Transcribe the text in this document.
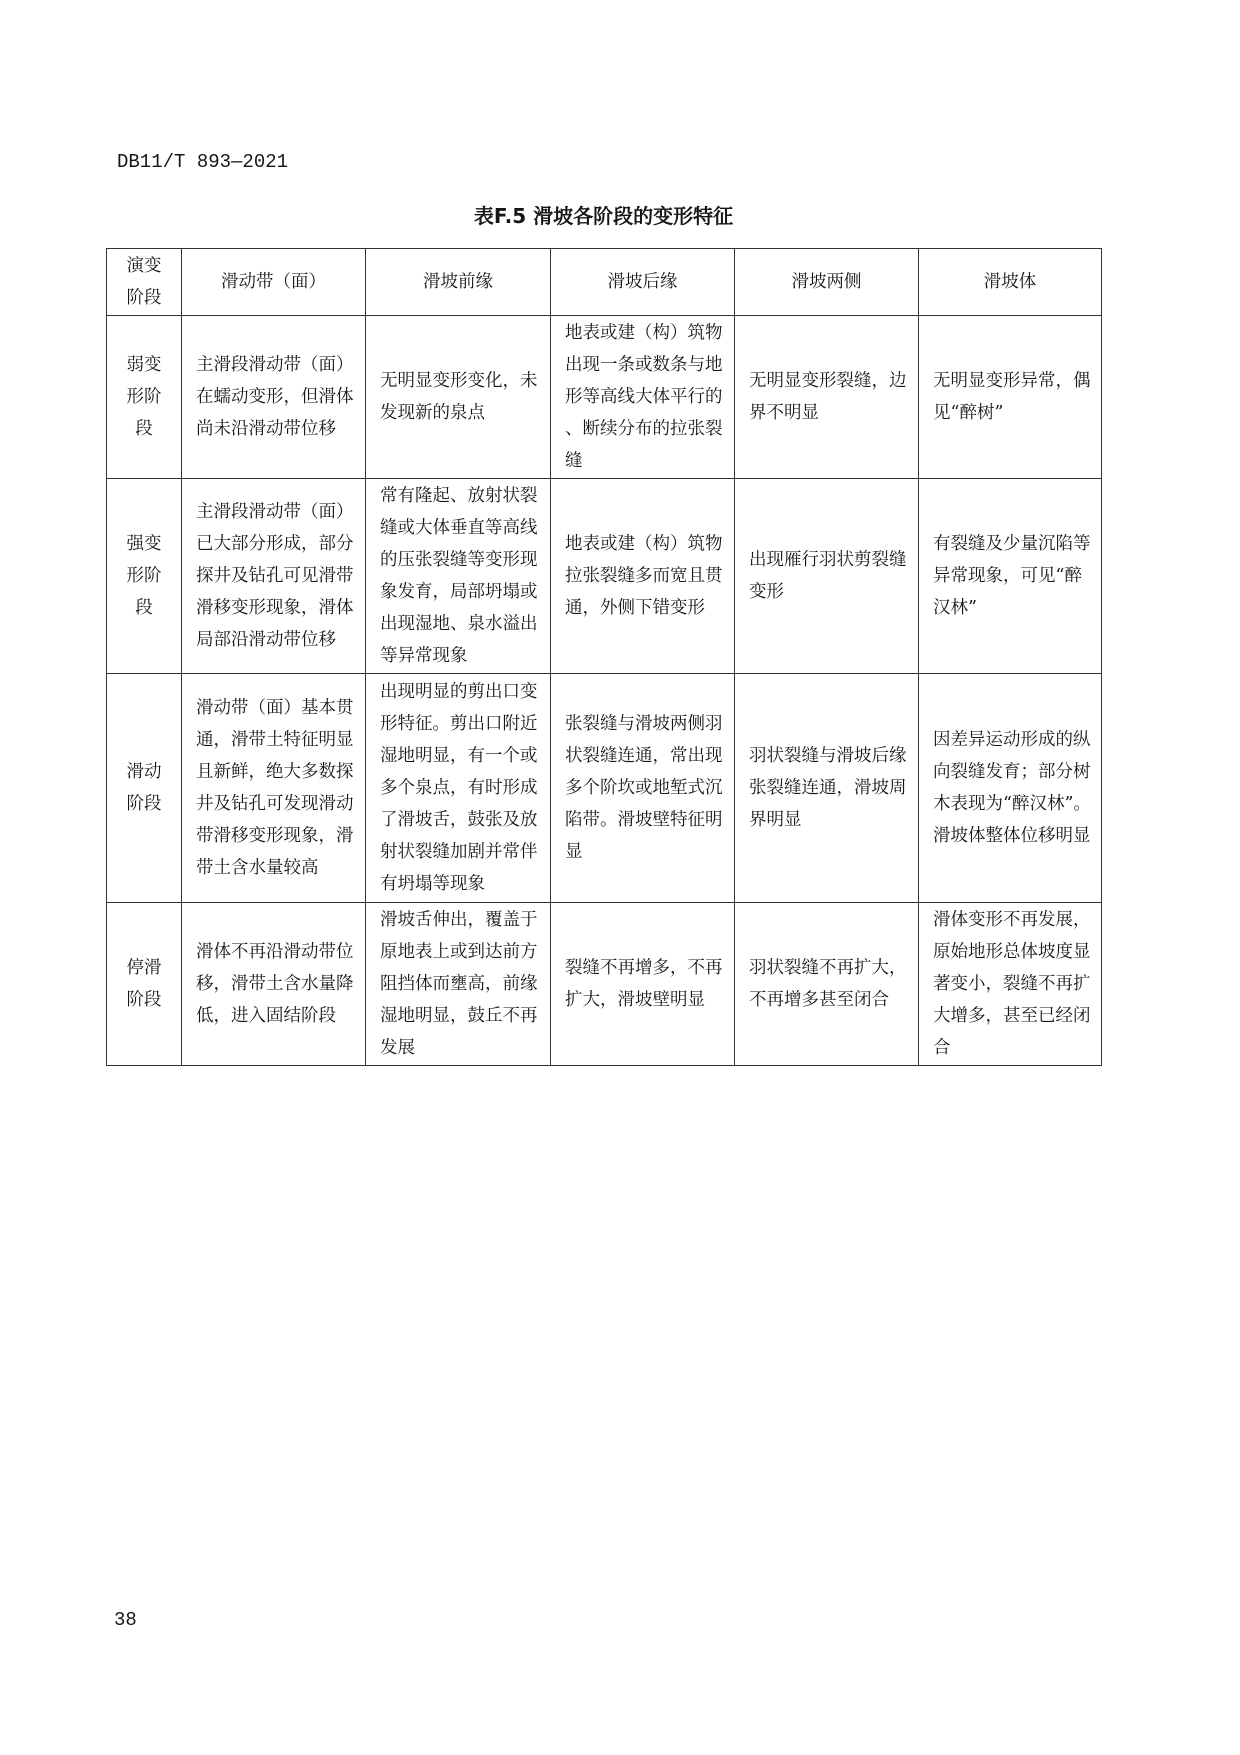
DB11/T 893—2021
表F.5 滑坡各阶段的变形特征
演变阶段	滑动带（面）	滑坡前缘	滑坡后缘	滑坡两侧	滑坡体
弱变形阶段	主滑段滑动带（面）在蠕动变形，但滑体尚未沿滑动带位移	无明显变形变化，未发现新的泉点	地表或建（构）筑物出现一条或数条与地形等高线大体平行的、断续分布的拉张裂缝	无明显变形裂缝，边界不明显	无明显变形异常，偶见“醉树”
强变形阶段	主滑段滑动带（面）已大部分形成，部分探井及钻孔可见滑带滑移变形现象，滑体局部沿滑动带位移	常有隆起、放射状裂缝或大体垂直等高线的压张裂缝等变形现象发育，局部坍塌或出现湿地、泉水溢出等异常现象	地表或建（构）筑物拉张裂缝多而宽且贯通，外侧下错变形	出现雁行羽状剪裂缝变形	有裂缝及少量沉陷等异常现象，可见“醉汉林”
滑动阶段	滑动带（面）基本贯通，滑带土特征明显且新鲜，绝大多数探井及钻孔可发现滑动带滑移变形现象，滑带土含水量较高	出现明显的剪出口变形特征。剪出口附近湿地明显，有一个或多个泉点，有时形成了滑坡舌，鼓张及放射状裂缝加剧并常伴有坍塌等现象	张裂缝与滑坡两侧羽状裂缝连通，常出现多个阶坎或地堑式沉陷带。滑坡壁特征明显	羽状裂缝与滑坡后缘张裂缝连通，滑坡周界明显	因差异运动形成的纵向裂缝发育；部分树木表现为“醉汉林”。滑坡体整体位移明显
停滑阶段	滑体不再沿滑动带位移，滑带土含水量降低，进入固结阶段	滑坡舌伸出，覆盖于原地表上或到达前方阻挡体而壅高，前缘湿地明显，鼓丘不再发展	裂缝不再增多，不再扩大，滑坡壁明显	羽状裂缝不再扩大，不再增多甚至闭合	滑体变形不再发展，原始地形总体坡度显著变小，裂缝不再扩大增多，甚至已经闭合
38
